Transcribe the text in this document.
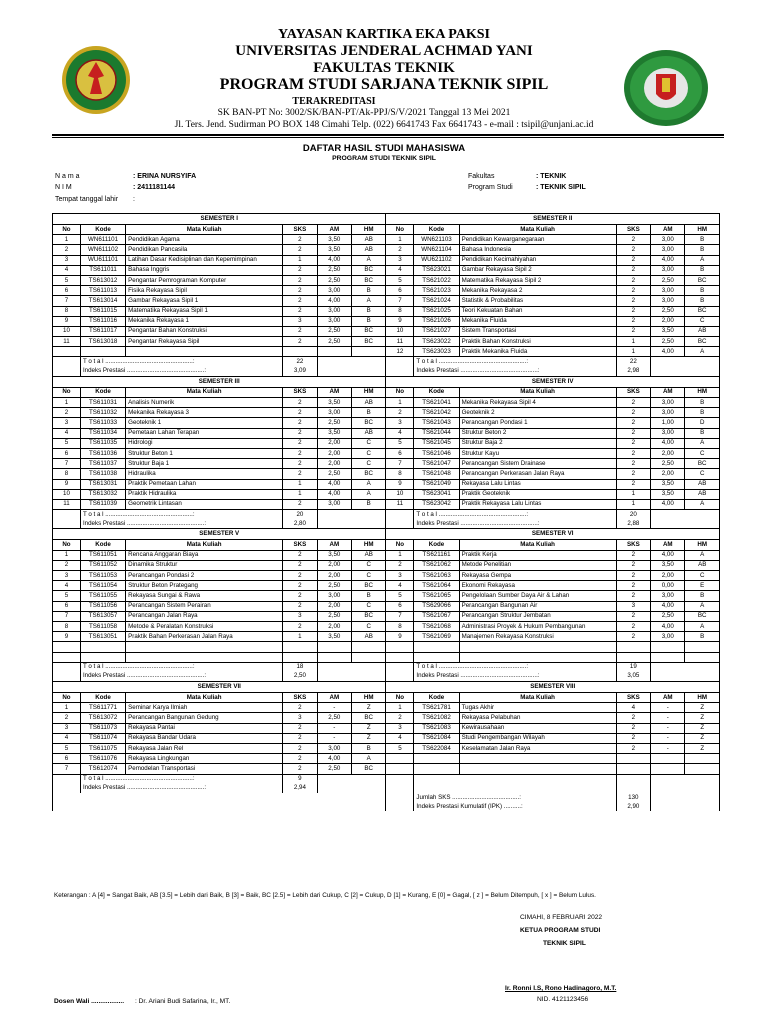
YAYASAN KARTIKA EKA PAKSI
UNIVERSITAS JENDERAL ACHMAD YANI
FAKULTAS TEKNIK
PROGRAM STUDI SARJANA TEKNIK SIPIL
TERAKREDITASI
SK BAN-PT No: 3002/SK/BAN-PT/Ak-PPJ/S/V/2021 Tanggal 13 Mei 2021
Jl. Ters. Jend. Sudirman PO BOX 148 Cimahi Telp. (022) 6641743 Fax 6641743 - e-mail : tsipil@unjani.ac.id
DAFTAR HASIL STUDI MAHASISWA
PROGRAM STUDI TEKNIK SIPIL
N a m a	: ERINA NURSYIFA
N I M	: 2411181144
Tempat tanggal lahir :
Fakultas	: TEKNIK
Program Studi	: TEKNIK SIPIL
SEMESTER I						SEMESTER II					
No	Kode	Mata Kuliah	SKS	AM	HM	No	Kode	Mata Kuliah	SKS	AM	HM
1	WN611101	Pendidikan Agama	2	3,50	AB	1	WN621103	Pendidikan Kewarganegaraan	2	3,00	B
2	WN611102	Pendidikan Pancasila	2	3,50	AB	2	WN621104	Bahasa Indonesia	2	3,00	B
3	WU611101	Latihan Dasar Kedisiplinan dan Kepemimpinan	1	4,00	A	3	WU621102	Pendidikan Kecimahiyahan	2	4,00	A
4	TS611011	Bahasa Inggris	2	2,50	BC	4	TS623021	Gambar Rekayasa Sipil 2	2	3,00	B
5	TS613012	Pengantar Pemrograman Komputer	2	2,50	BC	5	TS621022	Matematika Rekayasa Sipil 2	2	2,50	BC
6	TS611013	Fisika Rekayasa Sipil	2	3,00	B	6	TS621023	Mekanika Rekayasa 2	2	3,00	B
7	TS613014	Gambar Rekayasa Sipil 1	2	4,00	A	7	TS621024	Statistik & Probabilitas	2	3,00	B
8	TS611015	Matematika Rekayasa Sipil 1	2	3,00	B	8	TS621025	Teori Kekuatan Bahan	2	2,50	BC
9	TS611016	Mekanika Rekayasa 1	3	3,00	B	9	TS621026	Mekanika Fluida	2	2,00	C
10	TS611017	Pengantar Bahan Konstruksi	2	2,50	BC	10	TS621027	Sistem Transportasi	2	3,50	AB
11	TS613018	Pengantar Rekayasa Sipil	2	2,50	BC	11	TS623022	Praktik Bahan Konstruksi	1	2,50	BC
						12	TS623023	Praktik Mekanika Fluida	1	4,00	A
	T o t a l ...................................................:		22				T o t a l ...................................................:		22		
	Indeks Prestasi .............................................:		3,09				Indeks Prestasi .............................................:		2,98		
SEMESTER III						SEMESTER IV					
No	Kode	Mata Kuliah	SKS	AM	HM	No	Kode	Mata Kuliah	SKS	AM	HM
1	TS611031	Analisis Numerik	2	3,50	AB	1	TS621041	Mekanika Rekayasa Sipil 4	2	3,00	B
2	TS611032	Mekanika Rekayasa 3	2	3,00	B	2	TS621042	Geoteknik 2	2	3,00	B
3	TS611033	Geoteknik 1	2	2,50	BC	3	TS621043	Perancangan Pondasi 1	2	1,00	D
4	TS611034	Pemetaan Lahan Terapan	2	3,50	AB	4	TS621044	Struktur Beton 2	2	3,00	B
5	TS611035	Hidrologi	2	2,00	C	5	TS621045	Struktur Baja 2	2	4,00	A
6	TS611036	Struktur Beton 1	2	2,00	C	6	TS621046	Struktur Kayu	2	2,00	C
7	TS611037	Struktur Baja 1	2	2,00	C	7	TS621047	Perancangan Sistem Drainase	2	2,50	BC
8	TS611038	Hidraulika	2	2,50	BC	8	TS621048	Perancangan Perkerasan Jalan Raya	2	2,00	C
9	TS613031	Praktik Pemetaan Lahan	1	4,00	A	9	TS621049	Rekayasa Lalu Lintas	2	3,50	AB
10	TS613032	Praktik Hidraulika	1	4,00	A	10	TS623041	Praktik Geoteknik	1	3,50	AB
11	TS611039	Geometrik Lintasan	2	3,00	B	11	TS623042	Praktik Rekayasa Lalu Lintas	1	4,00	A
	T o t a l ...................................................:		20				T o t a l ...................................................:		20		
	Indeks Prestasi .............................................:		2,80				Indeks Prestasi .............................................:		2,88		
SEMESTER V						SEMESTER VI					
No	Kode	Mata Kuliah	SKS	AM	HM	No	Kode	Mata Kuliah	SKS	AM	HM
1	TS611051	Rencana Anggaran Biaya	2	3,50	AB	1	TS621161	Praktik Kerja	2	4,00	A
2	TS611052	Dinamika Struktur	2	2,00	C	2	TS621062	Metode Penelitian	2	3,50	AB
3	TS611053	Perancangan Pondasi 2	2	2,00	C	3	TS621063	Rekayasa Gempa	2	2,00	C
4	TS611054	Struktur Beton Prategang	2	2,50	BC	4	TS621064	Ekonomi Rekayasa	2	0,00	E
5	TS611055	Rekayasa Sungai & Rawa	2	3,00	B	5	TS621065	Pengelolaan Sumber Daya Air & Lahan	2	3,00	B
6	TS611056	Perancangan Sistem Perairan	2	2,00	C	6	TS629066	Perancangan Bangunan Air	3	4,00	A
7	TS613057	Perancangan Jalan Raya	3	2,50	BC	7	TS621067	Perancangan Struktur Jembatan	2	2,50	BC
8	TS611058	Metode & Peralatan Konstruksi	2	2,00	C	8	TS621068	Administrasi Proyek & Hukum Pembangunan	2	4,00	A
9	TS613051	Praktik Bahan Perkerasan Jalan Raya	1	3,50	AB	9	TS621069	Manajemen Rekayasa Konstruksi	2	3,00	B

	T o t a l ...................................................:		18				T o t a l ...................................................:		19		
	Indeks Prestasi .............................................:		2,50				Indeks Prestasi .............................................:		3,05		
SEMESTER VII						SEMESTER VIII					
No	Kode	Mata Kuliah	SKS	AM	HM	No	Kode	Mata Kuliah	SKS	AM	HM
1	TS611771	Seminar Karya Ilmiah	2	-	Z	1	TS621781	Tugas Akhir	4	-	Z
2	TS613072	Perancangan Bangunan Gedung	3	2,50	BC	2	TS621082	Rekayasa Pelabuhan	2	-	Z
3	TS611073	Rekayasa Pantai	2	-	Z	3	TS621083	Kewirausahaan	2	-	Z
4	TS611074	Rekayasa Bandar Udara	2	-	Z	4	TS621084	Studi Pengembangan Wilayah	2	-	Z
5	TS611075	Rekayasa Jalan Rel	2	3,00	B	5	TS622084	Keselamatan Jalan Raya	2	-	Z
6	TS611076	Rekayasa Lingkungan	2	4,00	A						
7	TS612074	Pemodelan Transportasi	2	2,50	BC						
	T o t a l ...................................................:		9								
	Indeks Prestasi .............................................:		2,94								
							Jumlah SKS .......................................:		130		
							Indeks Prestasi Kumulatif (IPK) ..........:		2,90		
Keterangan : A [4] = Sangat Baik, AB [3.5] = Lebih dari Baik, B [3] = Baik, BC [2.5] = Lebih dari Cukup, C [2] = Cukup, D [1] = Kurang, E [0] = Gagal, [ z ] = Belum Ditempuh, [ x ] = Belum Lulus.
CIMAHI, 8 FEBRUARI 2022
KETUA PROGRAM STUDI
TEKNIK SIPIL
Ir. Ronni I.S, Rono Hadinagoro, M.T.
NID. 4121123456
Dosen Wali .................. : Dr. Ariani Budi Safarina, Ir., MT.
